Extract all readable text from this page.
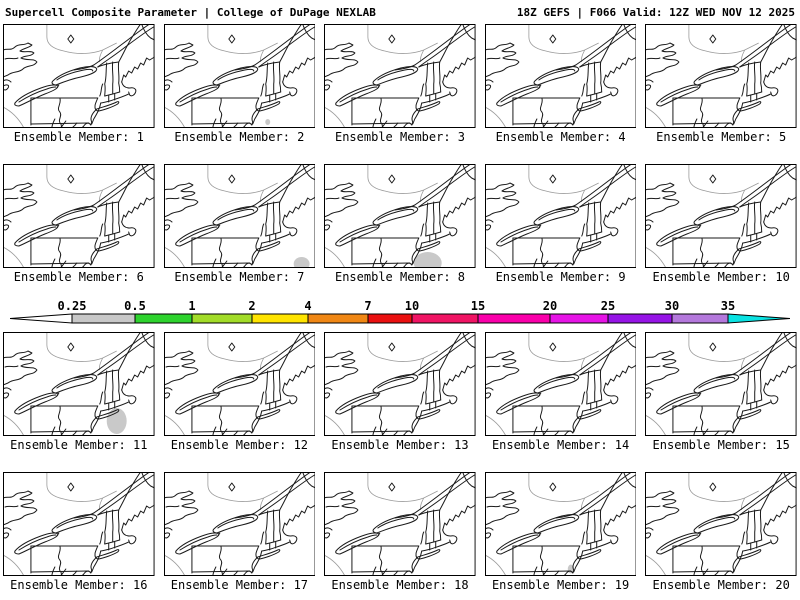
Supercell Composite Parameter | College of DuPage NEXLAB	18Z GEFS | F066 Valid: 12Z WED NOV 12 2025
Ensemble Member: 1	Ensemble Member: 2	Ensemble Member: 3	Ensemble Member: 4	Ensemble Member: 5
Ensemble Member: 6	Ensemble Member: 7	Ensemble Member: 8	Ensemble Member: 9	Ensemble Member: 10
0.25	0.5	1	2	4	7	10	15	20	25	30	35
Ensemble Member: 11	Ensemble Member: 12	Ensemble Member: 13	Ensemble Member: 14	Ensemble Member: 15
Ensemble Member: 16	Ensemble Member: 17	Ensemble Member: 18	Ensemble Member: 19	Ensemble Member: 20
